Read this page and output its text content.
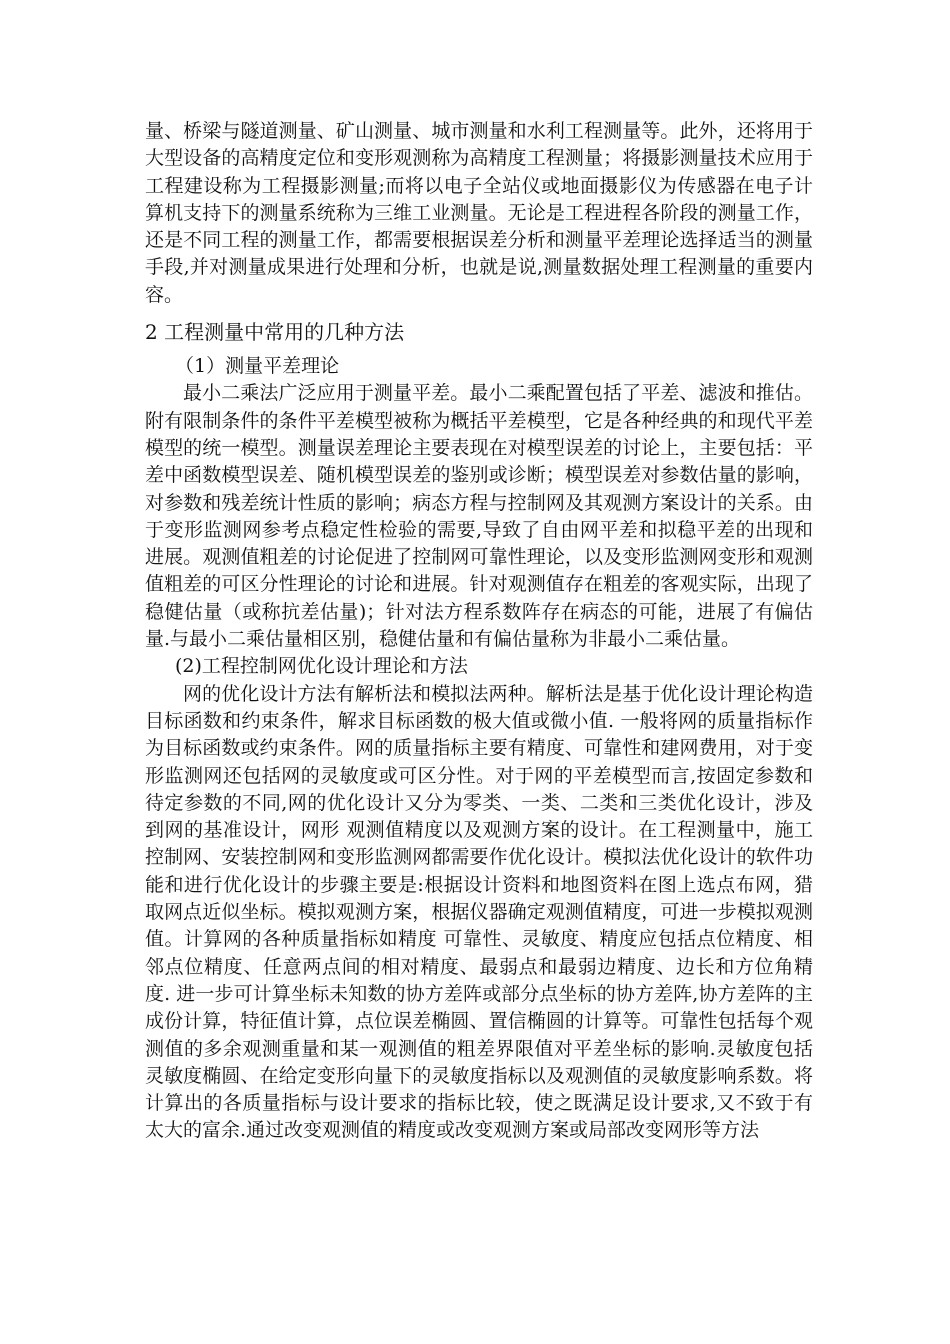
量、桥梁与隧道测量、矿山测量、城市测量和水利工程测量等。此外，还将用于大型设备的高精度定位和变形观测称为高精度工程测量；将摄影测量技术应用于工程建设称为工程摄影测量;而将以电子全站仪或地面摄影仪为传感器在电子计算机支持下的测量系统称为三维工业测量。无论是工程进程各阶段的测量工作，还是不同工程的测量工作，都需要根据误差分析和测量平差理论选择适当的测量手段,并对测量成果进行处理和分析，也就是说,测量数据处理工程测量的重要内容。

2 工程测量中常用的几种方法

（1）测量平差理论

最小二乘法广泛应用于测量平差。最小二乘配置包括了平差、滤波和推估。附有限制条件的条件平差模型被称为概括平差模型，它是各种经典的和现代平差模型的统一模型。测量误差理论主要表现在对模型误差的讨论上，主要包括：平差中函数模型误差、随机模型误差的鉴别或诊断；模型误差对参数估量的影响，对参数和残差统计性质的影响；病态方程与控制网及其观测方案设计的关系。由于变形监测网参考点稳定性检验的需要,导致了自由网平差和拟稳平差的出现和进展。观测值粗差的讨论促进了控制网可靠性理论，以及变形监测网变形和观测值粗差的可区分性理论的讨论和进展。针对观测值存在粗差的客观实际，出现了稳健估量（或称抗差估量)；针对法方程系数阵存在病态的可能，进展了有偏估量.与最小二乘估量相区别，稳健估量和有偏估量称为非最小二乘估量。

(2)工程控制网优化设计理论和方法

网的优化设计方法有解析法和模拟法两种。解析法是基于优化设计理论构造目标函数和约束条件，解求目标函数的极大值或微小值. 一般将网的质量指标作为目标函数或约束条件。网的质量指标主要有精度、可靠性和建网费用，对于变形监测网还包括网的灵敏度或可区分性。对于网的平差模型而言,按固定参数和待定参数的不同,网的优化设计又分为零类、一类、二类和三类优化设计，涉及到网的基准设计，网形 观测值精度以及观测方案的设计。在工程测量中，施工控制网、安装控制网和变形监测网都需要作优化设计。模拟法优化设计的软件功能和进行优化设计的步骤主要是:根据设计资料和地图资料在图上选点布网，猎取网点近似坐标。模拟观测方案，根据仪器确定观测值精度，可进一步模拟观测值。计算网的各种质量指标如精度 可靠性、灵敏度、精度应包括点位精度、相邻点位精度、任意两点间的相对精度、最弱点和最弱边精度、边长和方位角精度. 进一步可计算坐标未知数的协方差阵或部分点坐标的协方差阵,协方差阵的主成份计算，特征值计算，点位误差椭圆、置信椭圆的计算等。可靠性包括每个观测值的多余观测重量和某一观测值的粗差界限值对平差坐标的影响.灵敏度包括灵敏度椭圆、在给定变形向量下的灵敏度指标以及观测值的灵敏度影响系数。将计算出的各质量指标与设计要求的指标比较，使之既满足设计要求,又不致于有太大的富余.通过改变观测值的精度或改变观测方案或局部改变网形等方法
